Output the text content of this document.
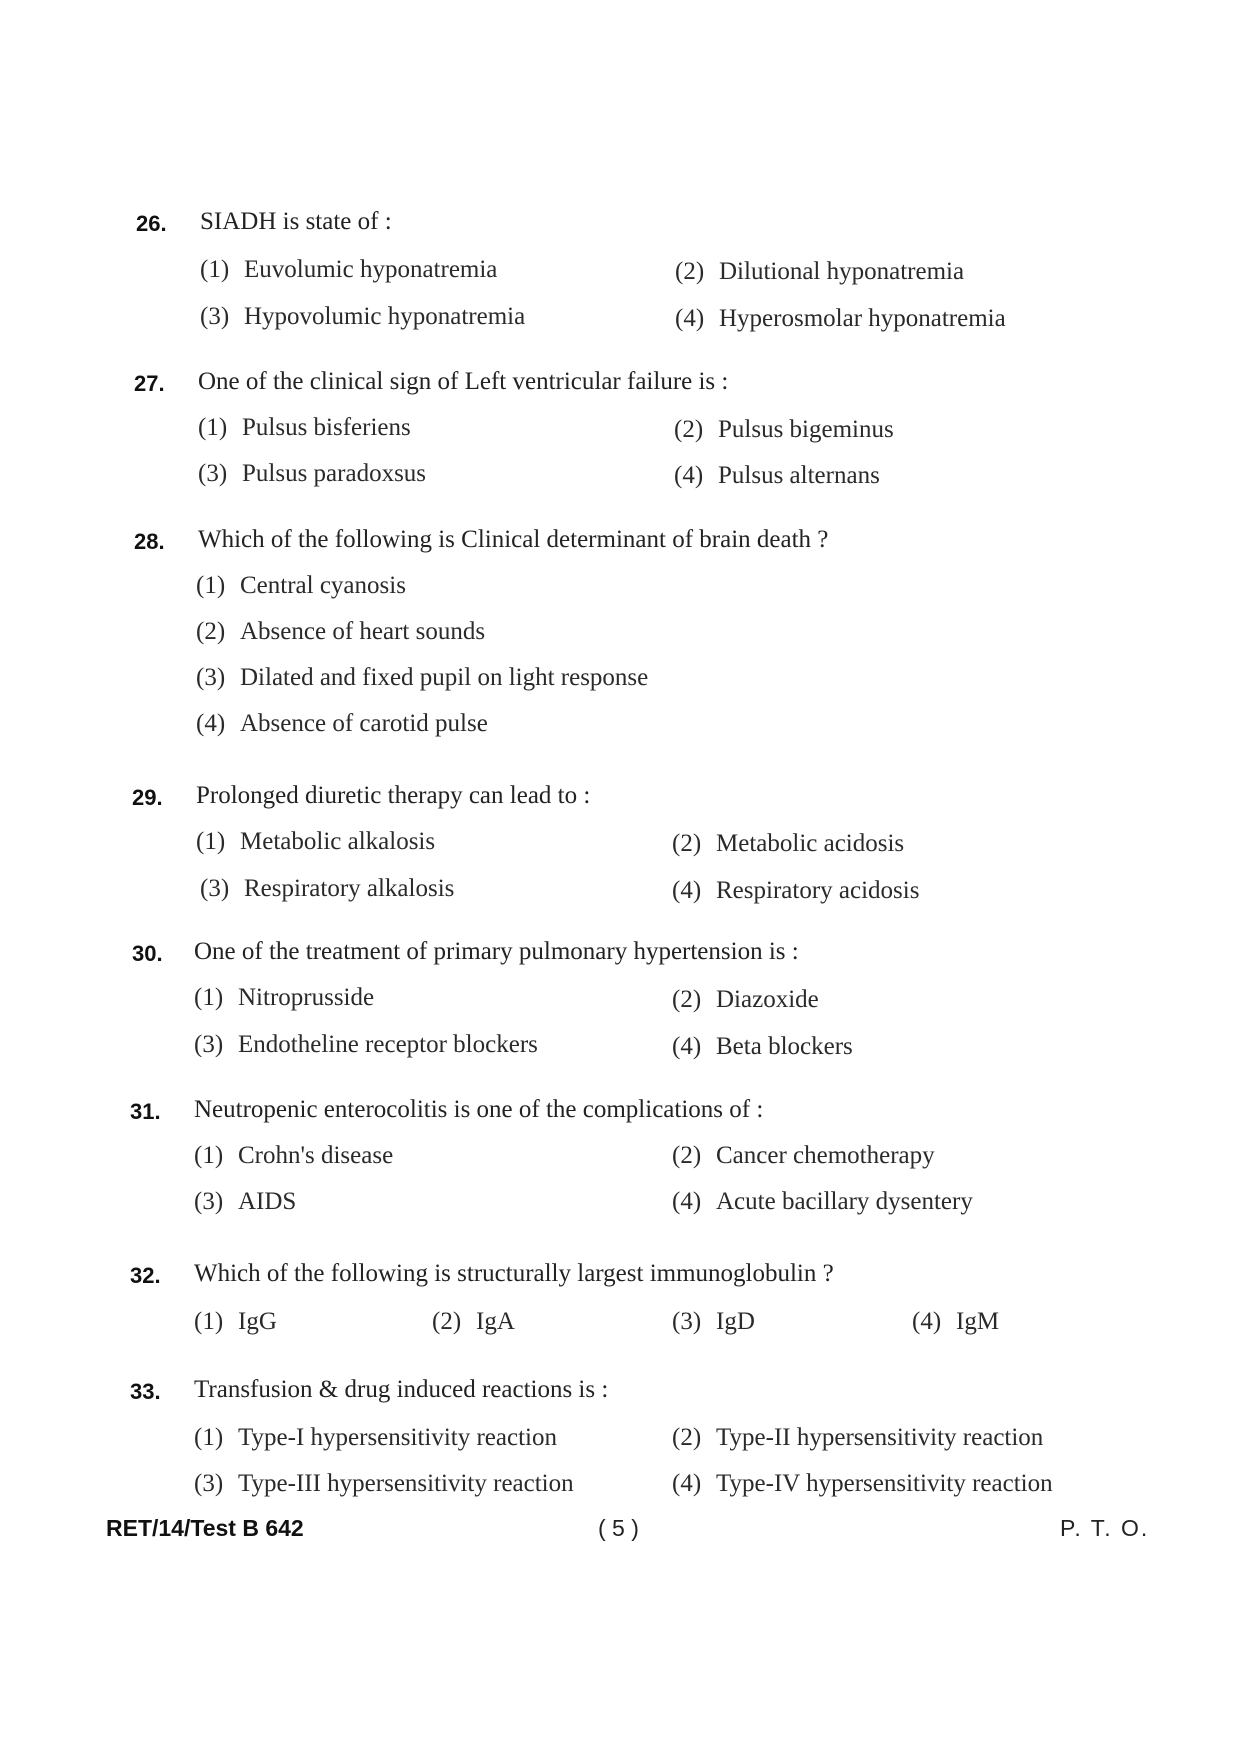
26. SIADH is state of :
(1) Euvolumic hyponatremia	(2) Dilutional hyponatremia
(3) Hypovolumic hyponatremia	(4) Hyperosmolar hyponatremia
27. One of the clinical sign of Left ventricular failure is :
(1) Pulsus bisferiens	(2) Pulsus bigeminus
(3) Pulsus paradoxsus	(4) Pulsus alternans
28. Which of the following is Clinical determinant of brain death ?
(1) Central cyanosis
(2) Absence of heart sounds
(3) Dilated and fixed pupil on light response
(4) Absence of carotid pulse
29. Prolonged diuretic therapy can lead to :
(1) Metabolic alkalosis	(2) Metabolic acidosis
(3) Respiratory alkalosis	(4) Respiratory acidosis
30. One of the treatment of primary pulmonary hypertension is :
(1) Nitroprusside	(2) Diazoxide
(3) Endotheline receptor blockers	(4) Beta blockers
31. Neutropenic enterocolitis is one of the complications of :
(1) Crohn's disease	(2) Cancer chemotherapy
(3) AIDS	(4) Acute bacillary dysentery
32. Which of the following is structurally largest immunoglobulin ?
(1) IgG	(2) IgA	(3) IgD	(4) IgM
33. Transfusion & drug induced reactions is :
(1) Type-I hypersensitivity reaction	(2) Type-II hypersensitivity reaction
(3) Type-III hypersensitivity reaction	(4) Type-IV hypersensitivity reaction
RET/14/Test B 642	( 5 )	P. T. O.
